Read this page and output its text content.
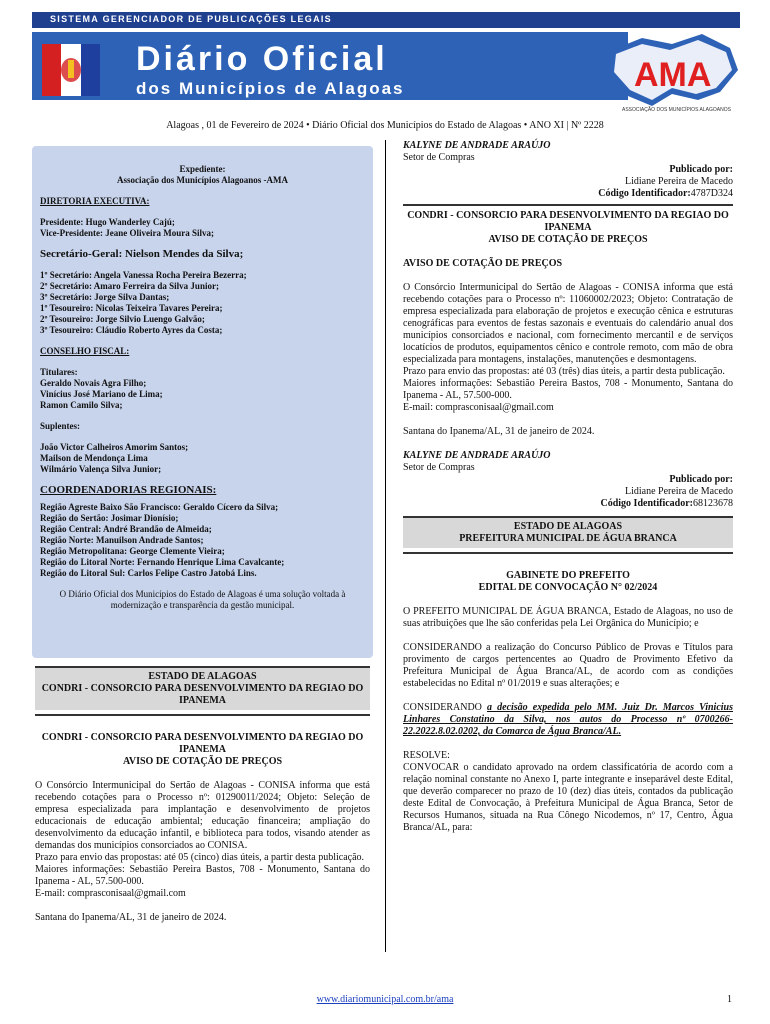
SISTEMA GERENCIADOR DE PUBLICAÇÕES LEGAIS
Diário Oficial
dos Municípios de Alagoas	AMA
ASSOCIAÇÃO DOS MUNICÍPIOS ALAGOANOS
Alagoas , 01 de Fevereiro de 2024 • Diário Oficial dos Municípios do Estado de Alagoas • ANO XI | Nº 2228

Expediente:

Associação dos Municípios Alagoanos -AMA

DIRETORIA EXECUTIVA:

Presidente: Hugo Wanderley Cajú;

Vice-Presidente: Jeane Oliveira Moura Silva;

Secretário-Geral: Nielson Mendes da Silva;

1º Secretário: Angela Vanessa Rocha Pereira Bezerra;

2º Secretário: Amaro Ferreira da Silva Junior;

3º Secretário: Jorge Silva Dantas;

1º Tesoureiro: Nicolas Teixeira Tavares Pereira;

2º Tesoureiro: Jorge Silvio Luengo Galvão;

3º Tesoureiro: Cláudio Roberto Ayres da Costa;

CONSELHO FISCAL:

Titulares:

Geraldo Novais Agra Filho;

Vinícius José Mariano de Lima;

Ramon Camilo Silva;

Suplentes:

João Victor Calheiros Amorim Santos;

Mailson de Mendonça Lima

Wilmário Valença Silva Junior;

COORDENADORIAS REGIONAIS:

Região Agreste Baixo São Francisco: Geraldo Cícero da Silva;

Região do Sertão: Josimar Dionísio;

Região Central: André Brandão de Almeida;

Região Norte: Manuilson Andrade Santos;

Região Metropolitana: George Clemente Vieira;

Região do Litoral Norte: Fernando Henrique Lima Cavalcante;

Região do Litoral Sul: Carlos Felipe Castro Jatobá Lins.

O Diário Oficial dos Municípios do Estado de Alagoas é uma solução voltada à modernização e transparência da gestão municipal.

ESTADO DE ALAGOAS

CONDRI - CONSORCIO PARA DESENVOLVIMENTO DA REGIAO DO IPANEMA

CONDRI - CONSORCIO PARA DESENVOLVIMENTO DA REGIAO DO IPANEMA

AVISO DE COTAÇÃO DE PREÇOS

O Consórcio Intermunicipal do Sertão de Alagoas - CONISA informa que está recebendo cotações para o Processo nº: 01290011/2024; Objeto: Seleção de empresa especializada para implantação e desenvolvimento de projetos educacionais de educação ambiental; educação financeira; ampliação do desenvolvimento da educação infantil, e biblioteca para todos, visando atender as demandas dos municípios consorciados ao CONISA.

Prazo para envio das propostas: até 05 (cinco) dias úteis, a partir desta publicação.

Maiores informações: Sebastião Pereira Bastos, 708 - Monumento, Santana do Ipanema - AL, 57.500-000.

E-mail: comprasconisaal@gmail.com

Santana do Ipanema/AL, 31 de janeiro de 2024.

KALYNE DE ANDRADE ARAÚJO

Setor de Compras

Publicado por:

Lidiane Pereira de Macedo

Código Identificador:4787D324

CONDRI - CONSORCIO PARA DESENVOLVIMENTO DA REGIAO DO IPANEMA

AVISO DE COTAÇÃO DE PREÇOS

AVISO DE COTAÇÃO DE PREÇOS

O Consórcio Intermunicipal do Sertão de Alagoas - CONISA informa que está recebendo cotações para o Processo nº: 11060002/2023; Objeto: Contratação de empresa especializada para elaboração de projetos e execução cênica e estruturas cenográficas para eventos de festas sazonais e eventuais do calendário anual dos municípios consorciados e nacional, com fornecimento mercantil e de serviços locatícios de produtos, equipamentos cênico e controle remoto, com mão de obra especializada para montagens, instalações, manutenções e desmontagens.

Prazo para envio das propostas: até 03 (três) dias úteis, a partir desta publicação.

Maiores informações: Sebastião Pereira Bastos, 708 - Monumento, Santana do Ipanema - AL, 57.500-000.

E-mail: comprasconisaal@gmail.com

Santana do Ipanema/AL, 31 de janeiro de 2024.

KALYNE DE ANDRADE ARAÚJO

Setor de Compras

Publicado por:

Lidiane Pereira de Macedo

Código Identificador:68123678

ESTADO DE ALAGOAS

PREFEITURA MUNICIPAL DE ÁGUA BRANCA

GABINETE DO PREFEITO

EDITAL DE CONVOCAÇÃO N° 02/2024

O PREFEITO MUNICIPAL DE ÁGUA BRANCA, Estado de Alagoas, no uso de suas atribuições que lhe são conferidas pela Lei Orgânica do Município; e

CONSIDERANDO a realização do Concurso Público de Provas e Títulos para provimento de cargos pertencentes ao Quadro de Provimento Efetivo da Prefeitura Municipal de Água Branca/AL, de acordo com as condições estabelecidas no Edital nº 01/2019 e suas alterações; e

CONSIDERANDO a decisão expedida pelo MM. Juiz Dr. Marcos Vinicius Linhares Constatino da Silva, nos autos do Processo nº 0700266-22.2022.8.02.0202, da Comarca de Água Branca/AL.

RESOLVE:

CONVOCAR o candidato aprovado na ordem classificatória de acordo com a relação nominal constante no Anexo I, parte integrante e inseparável deste Edital, que deverão comparecer no prazo de 10 (dez) dias úteis, contados da publicação deste Edital de Convocação, à Prefeitura Municipal de Água Branca, Setor de Recursos Humanos, situada na Rua Cônego Nicodemos, nº 17, Centro, Água Branca/AL, para:

www.diariomunicipal.com.br/ama	1
